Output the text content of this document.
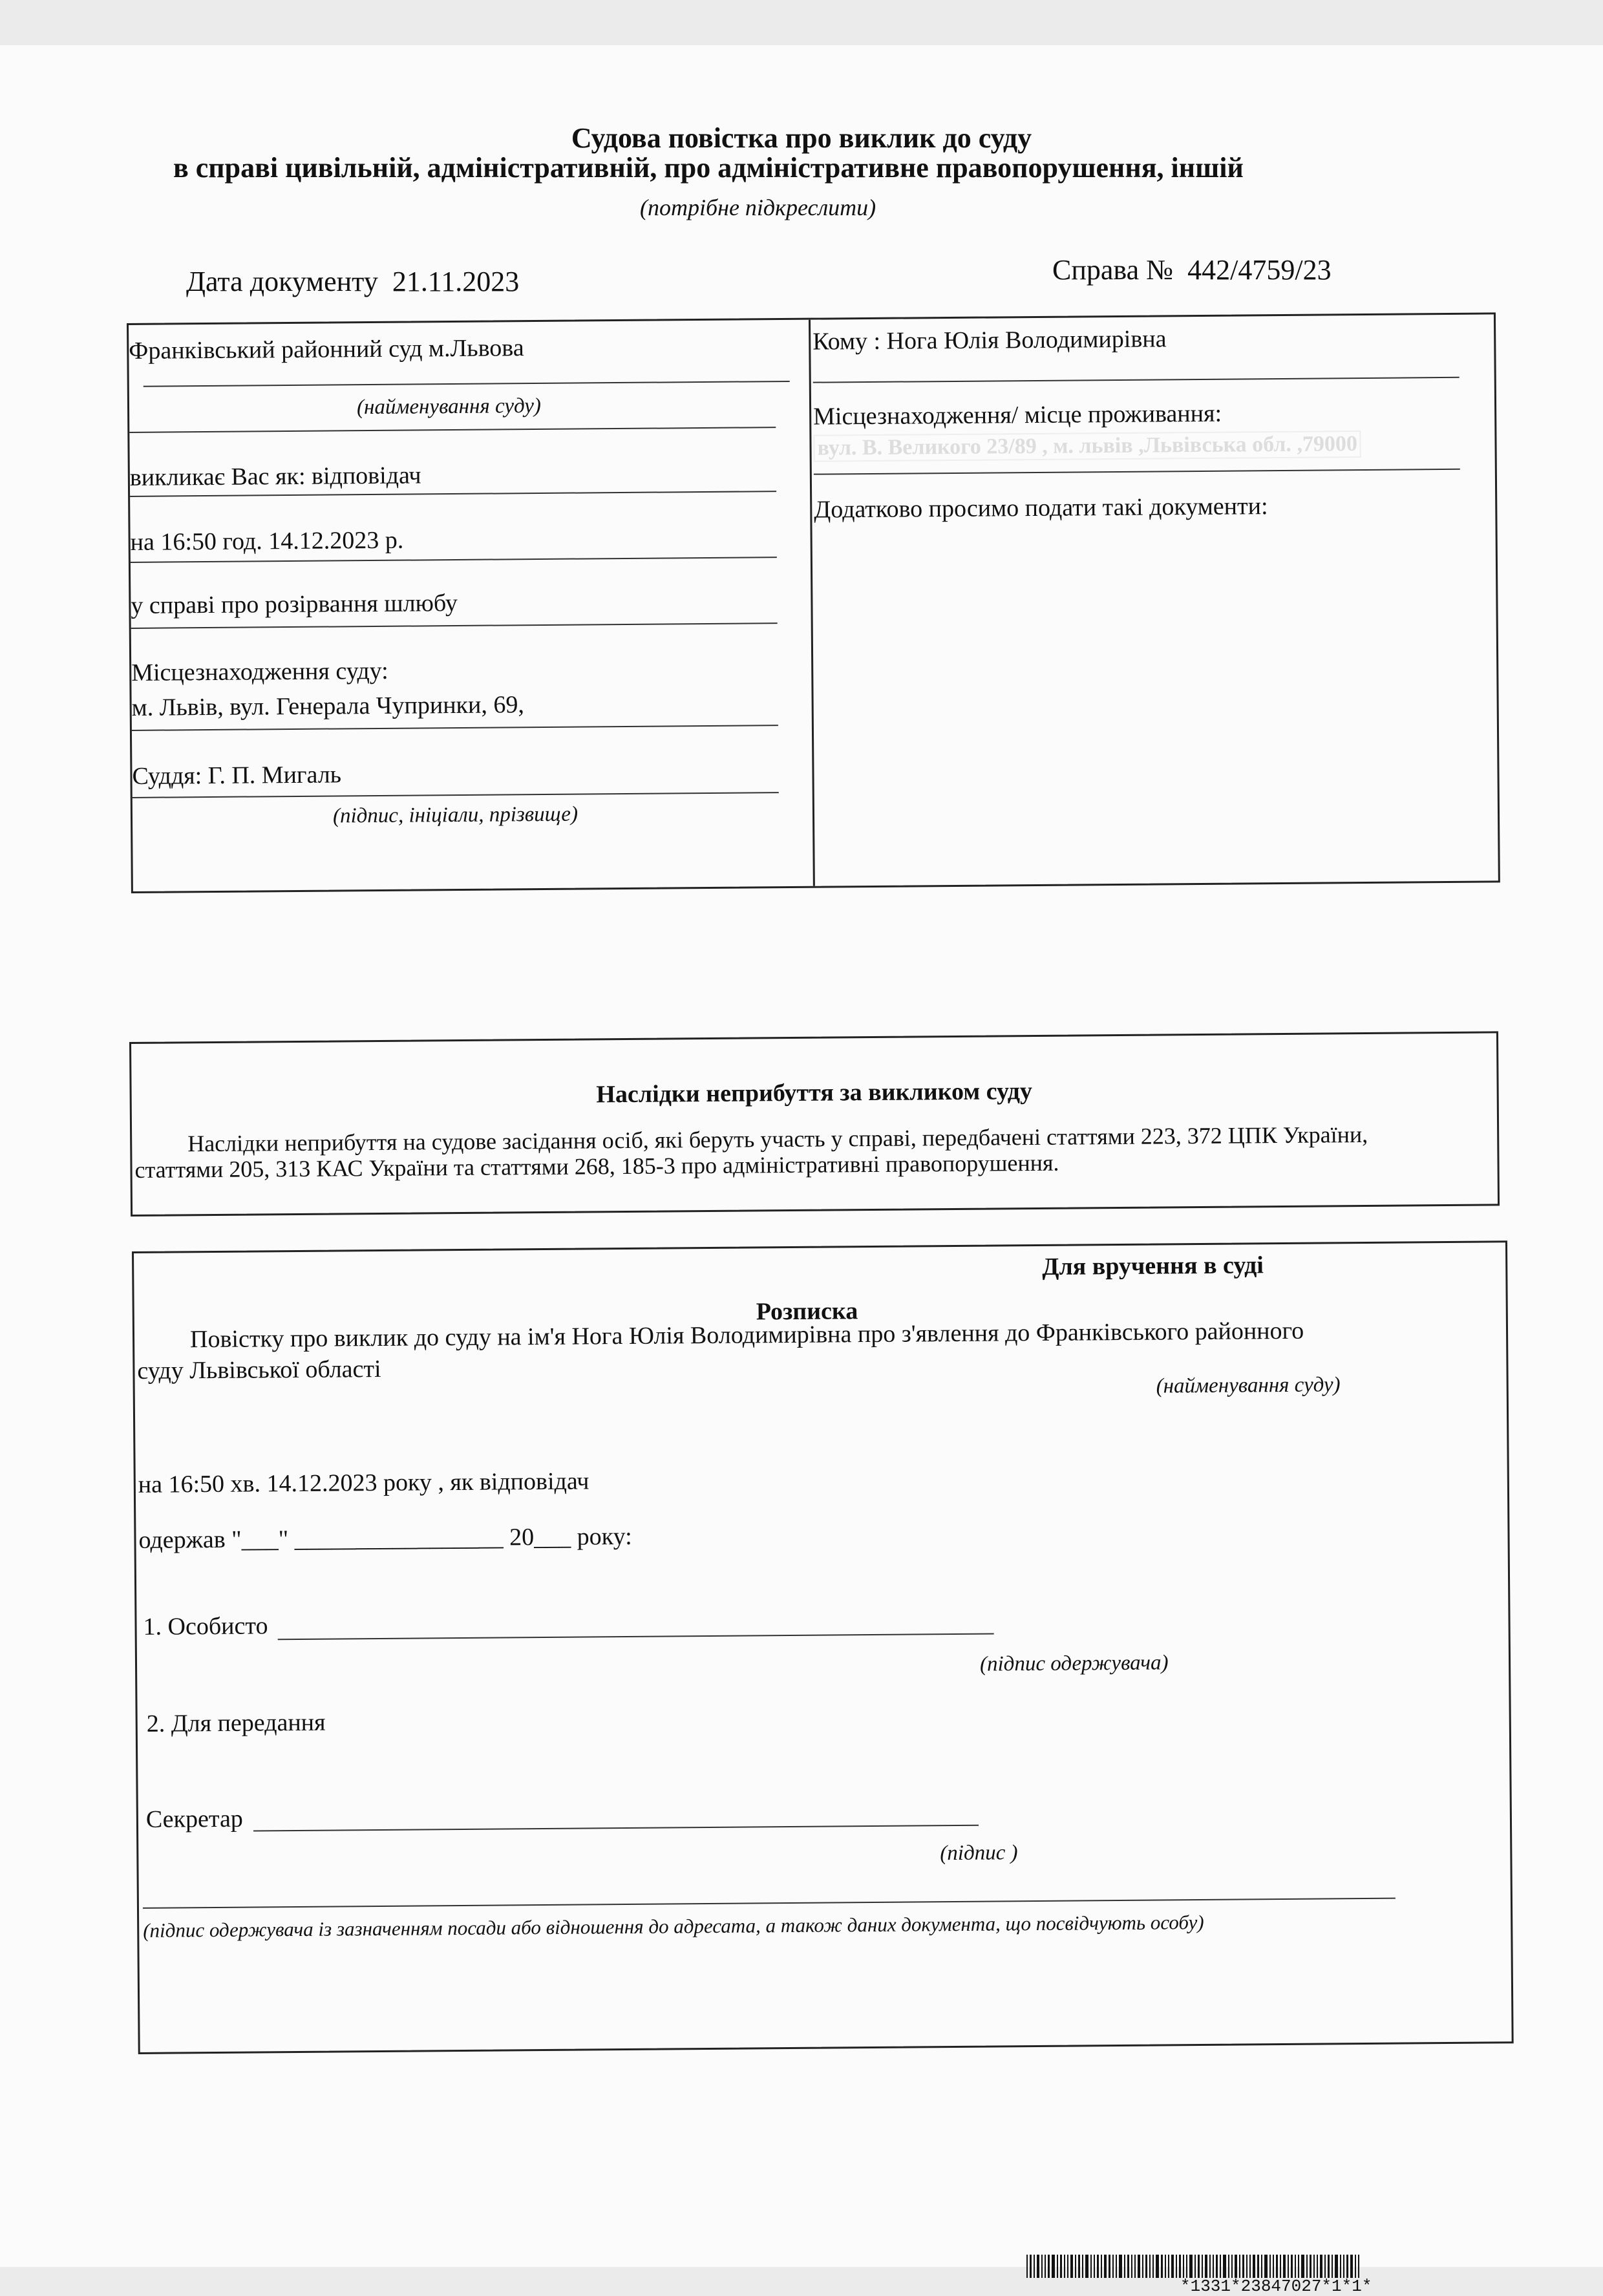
Судова повістка про виклик до суду
в справі цивільній, адміністративній, про адміністративне правопорушення, іншій
(потрібне підкреслити)
Дата документу 21.11.2023	Справа № 442/4759/23
Франківський районний суд м.Львова
(найменування суду)
викликає Вас як: відповідач
на 16:50 год. 14.12.2023 р.
у справі про розірвання шлюбу
Місцезнаходження суду:
м. Львів, вул. Генерала Чупринки, 69,
Суддя: Г. П. Мигаль
(підпис, ініціали, прізвище)
Кому : Нога Юлія Володимирівна
Місцезнаходження/ місце проживання:
вул. В. Великого 23/89 , м. львів ,Львівська обл. ,79000
Додатково просимо подати такі документи:
Наслідки неприбуття за викликом суду
Наслідки неприбуття на судове засідання осіб, які беруть участь у справі, передбачені статтями 223, 372 ЦПК України,
статтями 205, 313 КАС України та статтями 268, 185-3 про адміністративні правопорушення.
Для вручення в суді
Розписка
Повістку про виклик до суду на ім'я Нога Юлія Володимирівна про з'явлення до Франківського районного
суду Львівської області
(найменування суду)
на 16:50 хв. 14.12.2023 року , як відповідач
одержав "___" _________________ 20___ року:
1. Особисто
(підпис одержувача)
2. Для передання
Секретар
(підпис )
(підпис одержувача із зазначенням посади або відношення до адресата, а також даних документа, що посвідчують особу)
*1331*23847027*1*1*
